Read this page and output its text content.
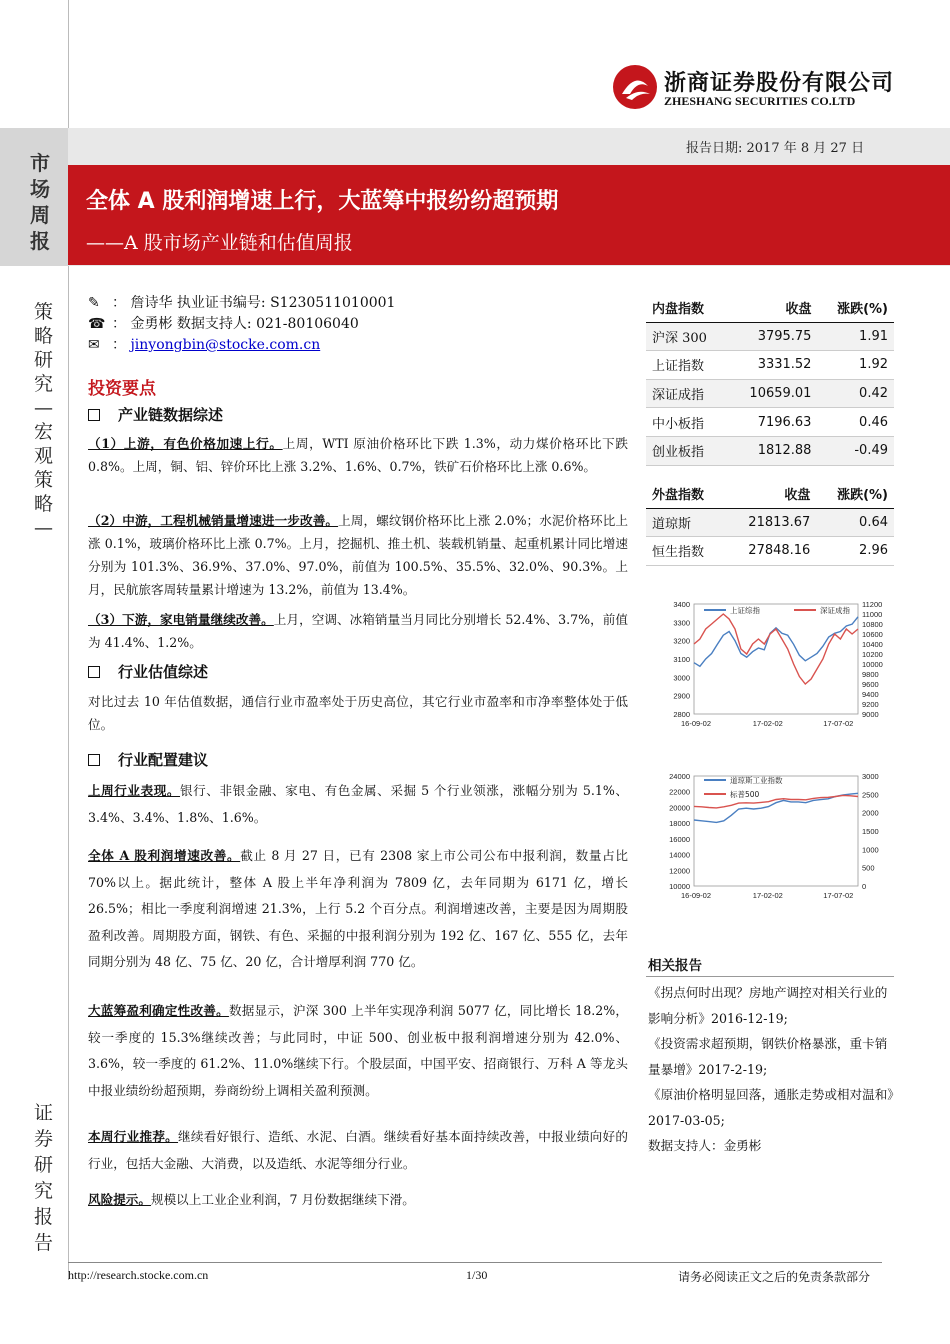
浙商证券股份有限公司
ZHESHANG SECURITIES CO.LTD
市场周报
报告日期: 2017 年 8 月 27 日
全体 A 股利润增速上行，大蓝筹中报纷纷超预期
——A 股市场产业链和估值周报
策略研究—宏观策略—
证券研究报告
✎ ： 詹诗华 执业证书编号: S1230511010001
☎ ： 金勇彬 数据支持人: 021-80106040
✉ ： jinyongbin@stocke.com.cn
投资要点
产业链数据综述
（1）上游，有色价格加速上行。上周，WTI 原油价格环比下跌 1.3%，动力煤价格环比下跌 0.8%。上周，铜、铝、锌价环比上涨 3.2%、1.6%、0.7%，铁矿石价格环比上涨 0.6%。
（2）中游，工程机械销量增速进一步改善。上周，螺纹钢价格环比上涨 2.0%；水泥价格环比上涨 0.1%，玻璃价格环比上涨 0.7%。上月，挖掘机、推土机、装载机销量、起重机累计同比增速分别为 101.3%、36.9%、37.0%、97.0%，前值为 100.5%、35.5%、32.0%、90.3%。上月，民航旅客周转量累计增速为 13.2%，前值为 13.4%。
（3）下游，家电销量继续改善。上月，空调、冰箱销量当月同比分别增长 52.4%、3.7%，前值为 41.4%、1.2%。
行业估值综述
对比过去 10 年估值数据，通信行业市盈率处于历史高位，其它行业市盈率和市净率整体处于低位。
行业配置建议
上周行业表现。银行、非银金融、家电、有色金属、采掘 5 个行业领涨，涨幅分别为 5.1%、3.4%、3.4%、1.8%、1.6%。
全体 A 股利润增速改善。截止 8 月 27 日，已有 2308 家上市公司公布中报利润，数量占比 70%以上。据此统计，整体 A 股上半年净利润为 7809 亿，去年同期为 6171 亿，增长 26.5%；相比一季度利润增速 21.3%，上行 5.2 个百分点。利润增速改善，主要是因为周期股盈利改善。周期股方面，钢铁、有色、采掘的中报利润分别为 192 亿、167 亿、555 亿，去年同期分别为 48 亿、75 亿、20 亿，合计增厚利润 770 亿。
大蓝筹盈利确定性改善。数据显示，沪深 300 上半年实现净利润 5077 亿，同比增长 18.2%，较一季度的 15.3%继续改善；与此同时，中证 500、创业板中报利润增速分别为 42.0%、3.6%，较一季度的 61.2%、11.0%继续下行。个股层面，中国平安、招商银行、万科 A 等龙头中报业绩纷纷超预期，券商纷纷上调相关盈利预测。
本周行业推荐。继续看好银行、造纸、水泥、白酒。继续看好基本面持续改善，中报业绩向好的行业，包括大金融、大消费，以及造纸、水泥等细分行业。
风险提示。规模以上工业企业利润，7 月份数据继续下滑。
内盘指数	收盘	涨跌(%)
沪深 300	3795.75	1.91
上证指数	3331.52	1.92
深证成指	10659.01	0.42
中小板指	7196.63	0.46
创业板指	1812.88	-0.49
外盘指数	收盘	涨跌(%)
道琼斯	21813.67	0.64
恒生指数	27848.16	2.96
3400
3300
3200
3100
3000
2900
2800
11200
11000
10800
10600
10400
10200
10000
9800
9600
9400
9200
9000
16-09-02	17-02-02	17-07-02
上证综指	深证成指
24000
22000
20000
18000
16000
14000
12000
10000
3000
2500
2000
1500
1000
500
0
16-09-02	17-02-02	17-07-02
道琼斯工业指数
标普500
相关报告
《拐点何时出现？房地产调控对相关行业的影响分析》2016-12-19;
《投资需求超预期，钢铁价格暴涨，重卡销量暴增》2017-2-19;
《原油价格明显回落，通胀走势或相对温和》2017-03-05;
数据支持人：金勇彬
http://research.stocke.com.cn	1/30	请务必阅读正文之后的免责条款部分
